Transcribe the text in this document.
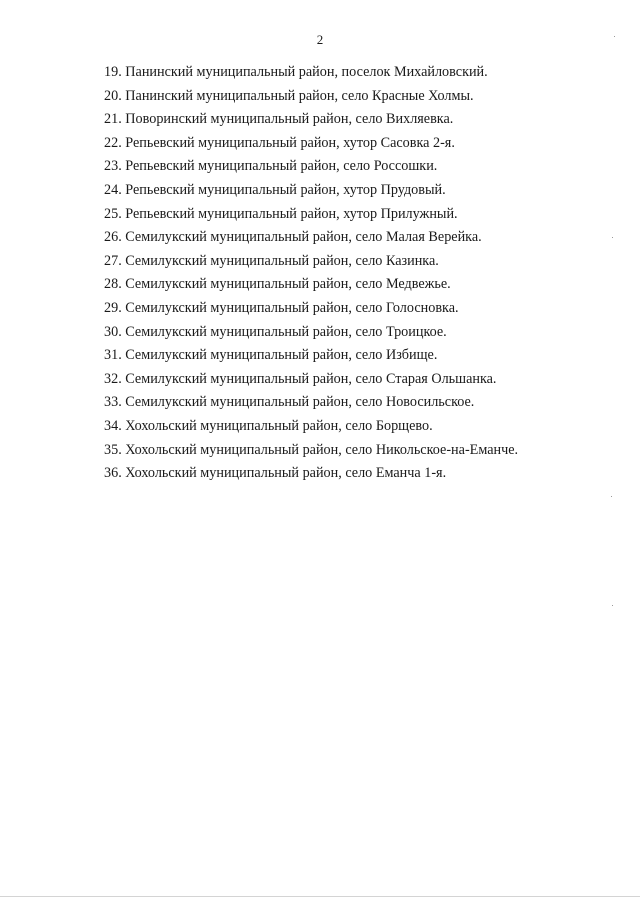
2
19. Панинский муниципальный район, поселок Михайловский.
20. Панинский муниципальный район, село Красные Холмы.
21. Поворинский муниципальный район, село Вихляевка.
22. Репьевский муниципальный район, хутор Сасовка 2-я.
23. Репьевский муниципальный район, село Россошки.
24. Репьевский муниципальный район, хутор Прудовый.
25. Репьевский муниципальный район, хутор Прилужный.
26. Семилукский муниципальный район, село Малая Верейка.
27. Семилукский муниципальный район, село Казинка.
28. Семилукский муниципальный район, село Медвежье.
29. Семилукский муниципальный район, село Голосновка.
30. Семилукский муниципальный район, село Троицкое.
31. Семилукский муниципальный район, село Избище.
32. Семилукский муниципальный район, село Старая Ольшанка.
33. Семилукский муниципальный район, село Новосильское.
34. Хохольский муниципальный район, село Борщево.
35. Хохольский муниципальный район, село Никольское-на-Еманче.
36. Хохольский муниципальный район, село Еманча 1-я.
